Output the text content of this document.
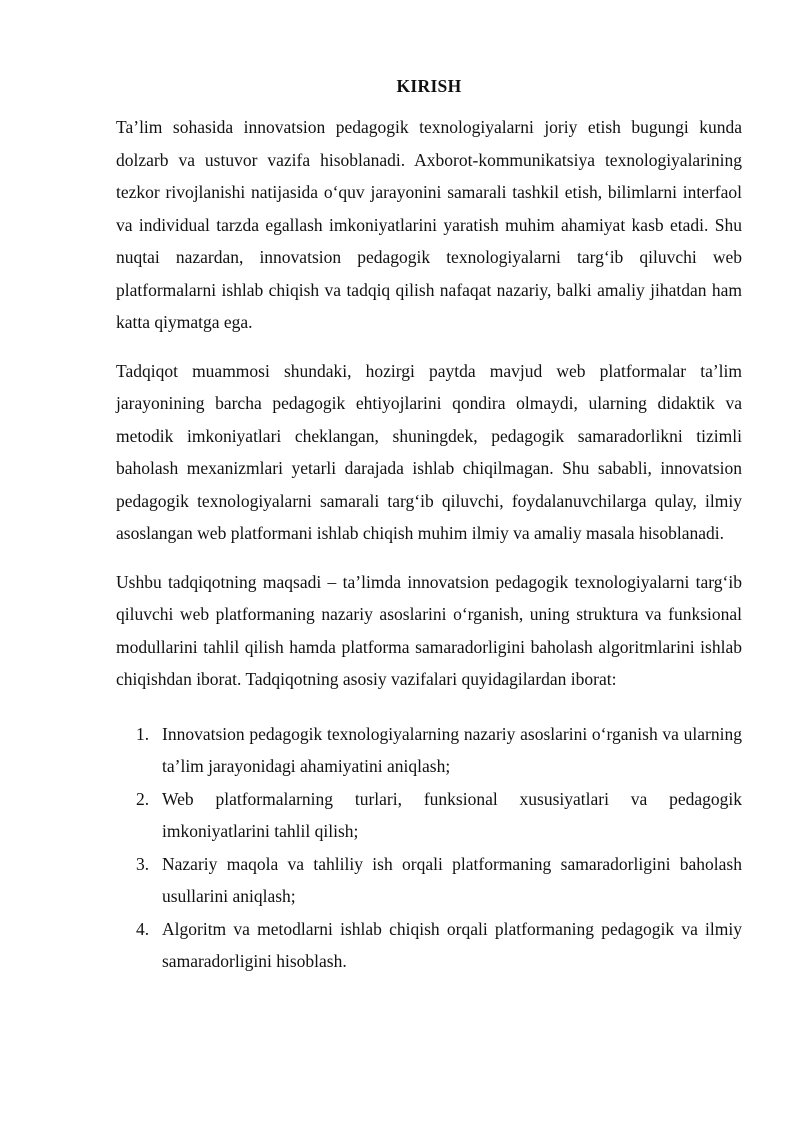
KIRISH

Ta’lim sohasida innovatsion pedagogik texnologiyalarni joriy etish bugungi kunda dolzarb va ustuvor vazifa hisoblanadi. Axborot-kommunikatsiya texnologiyalarining tezkor rivojlanishi natijasida o‘quv jarayonini samarali tashkil etish, bilimlarni interfaol va individual tarzda egallash imkoniyatlarini yaratish muhim ahamiyat kasb etadi. Shu nuqtai nazardan, innovatsion pedagogik texnologiyalarni targ‘ib qiluvchi web platformalarni ishlab chiqish va tadqiq qilish nafaqat nazariy, balki amaliy jihatdan ham katta qiymatga ega.

Tadqiqot muammosi shundaki, hozirgi paytda mavjud web platformalar ta’lim jarayonining barcha pedagogik ehtiyojlarini qondira olmaydi, ularning didaktik va metodik imkoniyatlari cheklangan, shuningdek, pedagogik samaradorlikni tizimli baholash mexanizmlari yetarli darajada ishlab chiqilmagan. Shu sababli, innovatsion pedagogik texnologiyalarni samarali targ‘ib qiluvchi, foydalanuvchilarga qulay, ilmiy asoslangan web platformani ishlab chiqish muhim ilmiy va amaliy masala hisoblanadi.

Ushbu tadqiqotning maqsadi – ta’limda innovatsion pedagogik texnologiyalarni targ‘ib qiluvchi web platformaning nazariy asoslarini o‘rganish, uning struktura va funksional modullarini tahlil qilish hamda platforma samaradorligini baholash algoritmlarini ishlab chiqishdan iborat. Tadqiqotning asosiy vazifalari quyidagilardan iborat:

1. Innovatsion pedagogik texnologiyalarning nazariy asoslarini o‘rganish va ularning ta’lim jarayonidagi ahamiyatini aniqlash;
2. Web platformalarning turlari, funksional xususiyatlari va pedagogik imkoniyatlarini tahlil qilish;
3. Nazariy maqola va tahliliy ish orqali platformaning samaradorligini baholash usullarini aniqlash;
4. Algoritm va metodlarni ishlab chiqish orqali platformaning pedagogik va ilmiy samaradorligini hisoblash.
